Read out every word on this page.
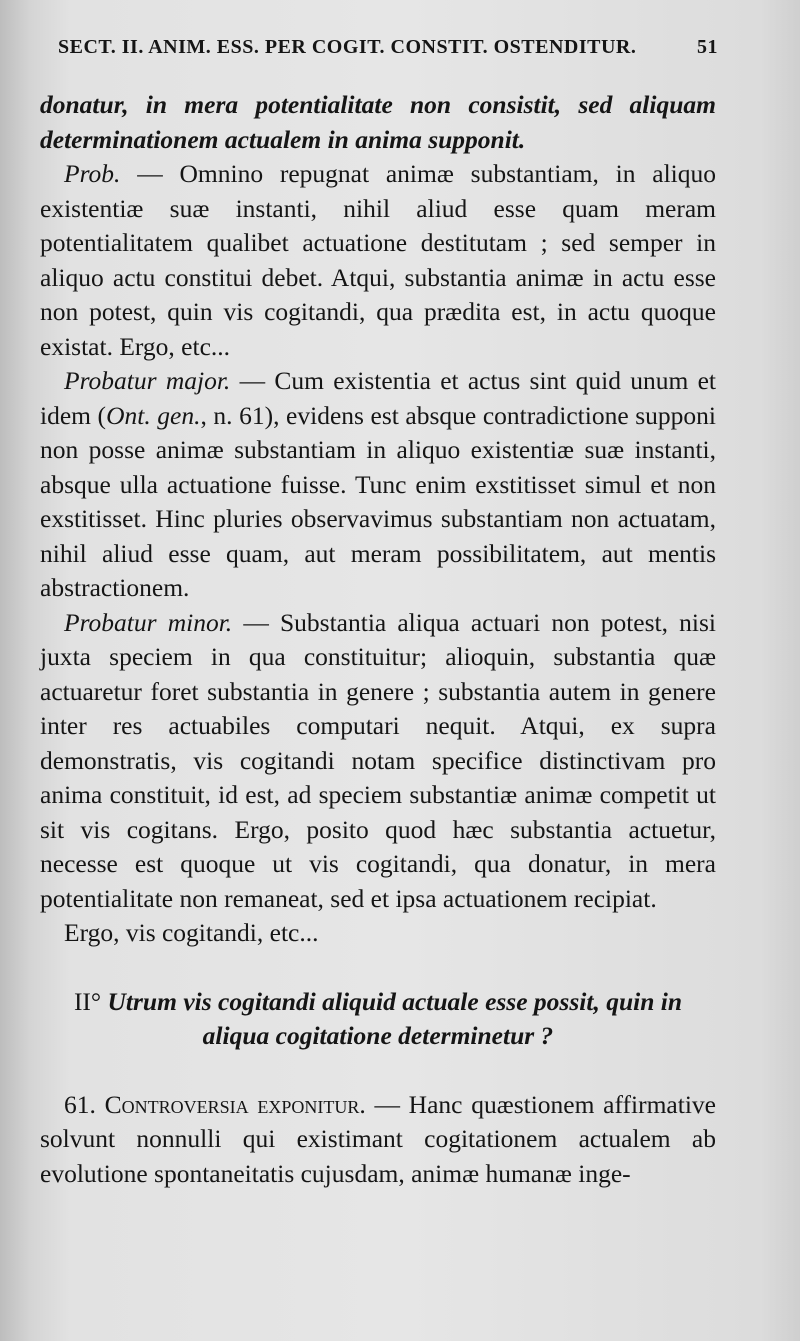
SECT. II. ANIM. ESS. PER COGIT. CONSTIT. OSTENDITUR.	51

donatur, in mera potentialitate non consistit, sed aliquam determinationem actualem in anima supponit.

Prob. — Omnino repugnat animæ substantiam, in aliquo existentiæ suæ instanti, nihil aliud esse quam meram potentialitatem qualibet actuatione destitutam ; sed semper in aliquo actu constitui debet. Atqui, substantia animæ in actu esse non potest, quin vis cogitandi, qua prædita est, in actu quoque existat. Ergo, etc...

Probatur major. — Cum existentia et actus sint quid unum et idem (Ont. gen., n. 61), evidens est absque contradictione supponi non posse animæ substantiam in aliquo existentiæ suæ instanti, absque ulla actuatione fuisse. Tunc enim exstitisset simul et non exstitisset. Hinc pluries observavimus substantiam non actuatam, nihil aliud esse quam, aut meram possibilitatem, aut mentis abstractionem.

Probatur minor. — Substantia aliqua actuari non potest, nisi juxta speciem in qua constituitur; alioquin, substantia quæ actuaretur foret substantia in genere ; substantia autem in genere inter res actuabiles computari nequit. Atqui, ex supra demonstratis, vis cogitandi notam specifice distinctivam pro anima constituit, id est, ad speciem substantiæ animæ competit ut sit vis cogitans. Ergo, posito quod hæc substantia actuetur, necesse est quoque ut vis cogitandi, qua donatur, in mera potentialitate non remaneat, sed et ipsa actuationem recipiat.

Ergo, vis cogitandi, etc...

II° Utrum vis cogitandi aliquid actuale esse possit, quin in aliqua cogitatione determinetur ?

61. Controversia exponitur. — Hanc quæstionem affirmative solvunt nonnulli qui existimant cogitationem actualem ab evolutione spontaneitatis cujusdam, animæ humanæ inge-
